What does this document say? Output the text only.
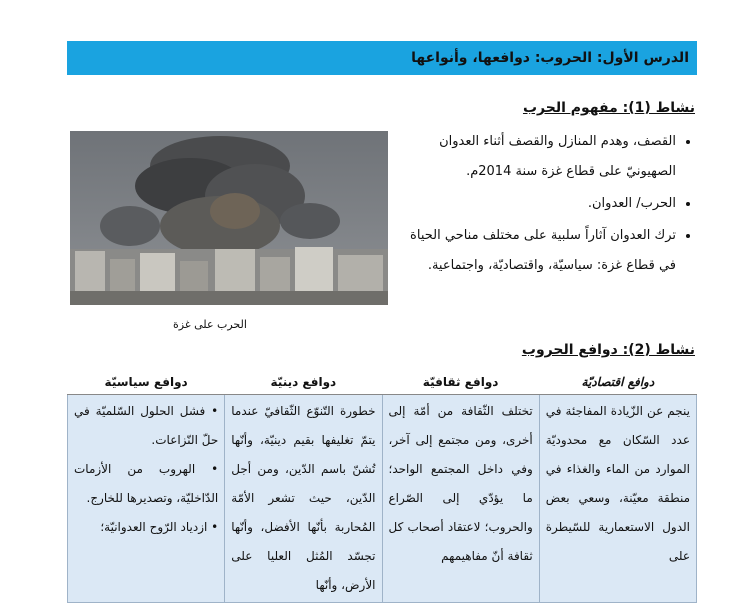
الدرس الأول: الحروب: دوافعها، وأنواعها
نشاط (1): مفهوم الحرب
• القصف، وهدم المنازل والقصف أثناء العدوان الصهيونيّ على قطاع غزة سنة 2014م.
• الحرب/ العدوان.
• ترك العدوان آثاراً سلبية على مختلف مناحي الحياة في قطاع غزة: سياسيّة، واقتصاديّة، واجتماعية.
الحرب على غزة
نشاط (2): دوافع الحروب
دوافع اقتصاديّة	دوافع ثقافيّة	دوافع دينيّة	دوافع سياسيّة

ينجم عن الزّيادة المفاجئة في عدد السّكان مع محدوديّة الموارد من الماء والغذاء في منطقة معيّنة، وسعي بعض الدول الاستعمارية للسّيطرة على	تختلف الثّقافة من أمّة إلى أخرى، ومن مجتمع إلى آخر، وفي داخل المجتمع الواحد؛ ما يؤدّي إلى الصّراع والحروب؛ لاعتقاد أصحاب كل ثقافة أنّ مفاهيمهم	خطورة التّنوّع الثّقافيّ عندما يتمّ تغليفها بقيم دينيّة، وأنّها تُشنّ باسم الدّين، ومن أجل الدّين، حيث تشعر الأمّة المُحاربة بأنّها الأفضل، وأنّها تجسّد المُثل العليا على الأرض، وأنّها	• فشل الحلول السّلميّة في حلّ النّزاعات.
• الهروب من الأزمات الدّاخليّة، وتصديرها للخارج.
• ازدياد الرّوح العدوانيّة؛
